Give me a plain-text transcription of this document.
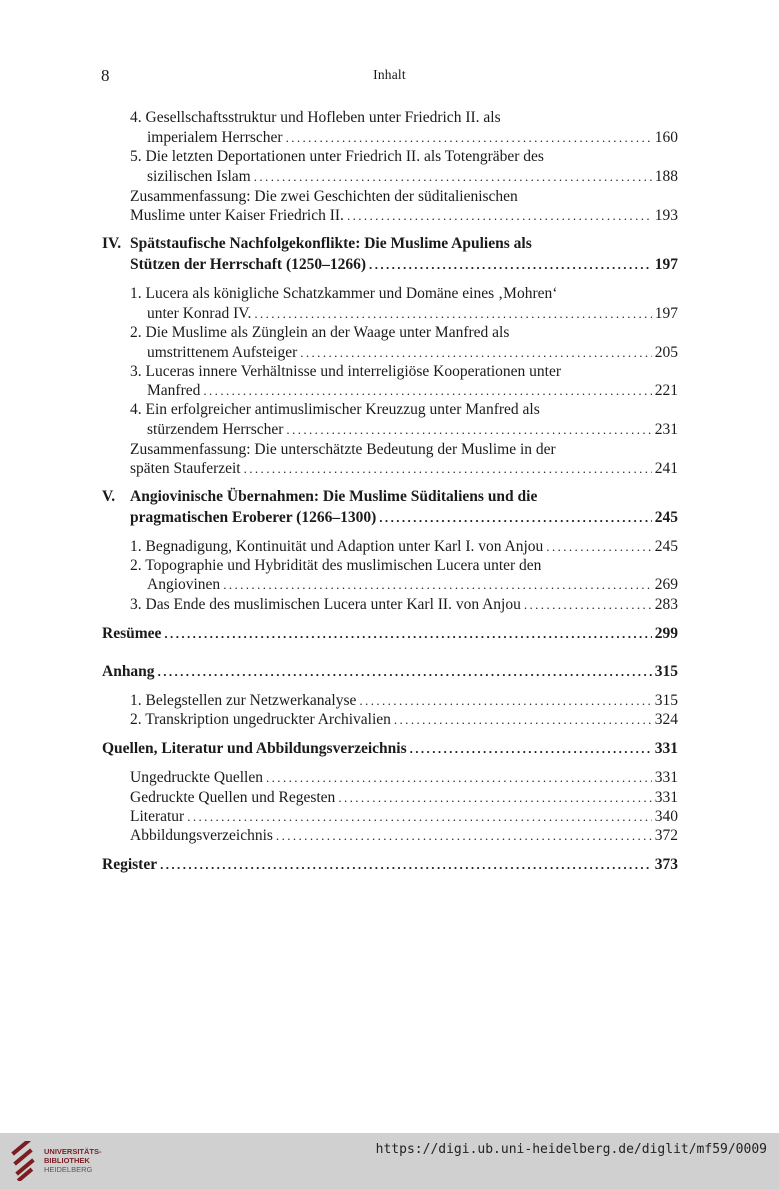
8	Inhalt
4. Gesellschaftsstruktur und Hofleben unter Friedrich II. als
imperialem Herrscher .....	160
5. Die letzten Deportationen unter Friedrich II. als Totengräber des
sizilischen Islam .....	188
Zusammenfassung: Die zwei Geschichten der süditalienischen
Muslime unter Kaiser Friedrich II. .....	193
IV. Spätstaufische Nachfolgekonflikte: Die Muslime Apuliens als
Stützen der Herrschaft (1250–1266) .....	197
1. Lucera als königliche Schatzkammer und Domäne eines ‚Mohren‘
unter Konrad IV. .....	197
2. Die Muslime als Zünglein an der Waage unter Manfred als
umstrittenem Aufsteiger .....	205
3. Luceras innere Verhältnisse und interreligiöse Kooperationen unter
Manfred .....	221
4. Ein erfolgreicher antimuslimischer Kreuzzug unter Manfred als
stürzendem Herrscher .....	231
Zusammenfassung: Die unterschätzte Bedeutung der Muslime in der
späten Stauferzeit .....	241
V. Angiovinische Übernahmen: Die Muslime Süditaliens und die
pragmatischen Eroberer (1266–1300) .....	245
1. Begnadigung, Kontinuität und Adaption unter Karl I. von Anjou .....	245
2. Topographie und Hybridität des muslimischen Lucera unter den
Angiovinen .....	269
3. Das Ende des muslimischen Lucera unter Karl II. von Anjou .....	283
Resümee .....	299
Anhang .....	315
1. Belegstellen zur Netzwerkanalyse .....	315
2. Transkription ungedruckter Archivalien .....	324
Quellen, Literatur und Abbildungsverzeichnis .....	331
Ungedruckte Quellen .....	331
Gedruckte Quellen und Regesten .....	331
Literatur .....	340
Abbildungsverzeichnis .....	372
Register .....	373
UNIVERSITÄTS-
BIBLIOTHEK
HEIDELBERG
https://digi.ub.uni-heidelberg.de/diglit/mf59/0009
